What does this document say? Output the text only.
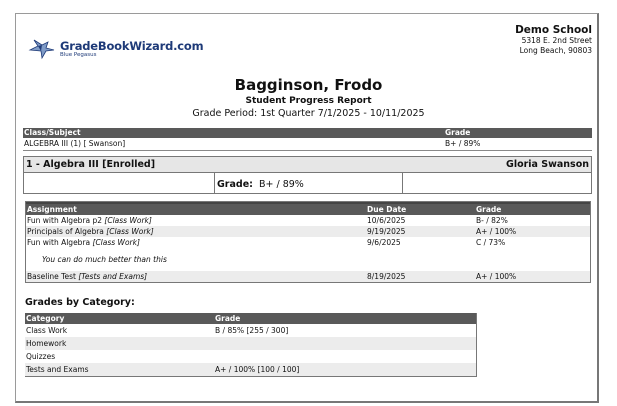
GradeBookWizard.com
Blue Pegasus
Demo School
5318 E. 2nd Street
Long Beach, 90803
Bagginson, Frodo
Student Progress Report
Grade Period: 1st Quarter 7/1/2025 - 10/11/2025
Class/Subject	Grade
ALGEBRA III (1) [ Swanson]	B+ / 89%
1 - Algebra III [Enrolled]	Gloria Swanson
Grade: B+ / 89%
Assignment	Due Date	Grade
Fun with Algebra p2 [Class Work]	10/6/2025	B- / 82%
Principals of Algebra [Class Work]	9/19/2025	A+ / 100%
Fun with Algebra [Class Work]	9/6/2025	C / 73%
You can do much better than this
Baseline Test [Tests and Exams]	8/19/2025	A+ / 100%
Grades by Category:
Category	Grade
Class Work	B / 85% [255 / 300]
Homework
Quizzes
Tests and Exams	A+ / 100% [100 / 100]
